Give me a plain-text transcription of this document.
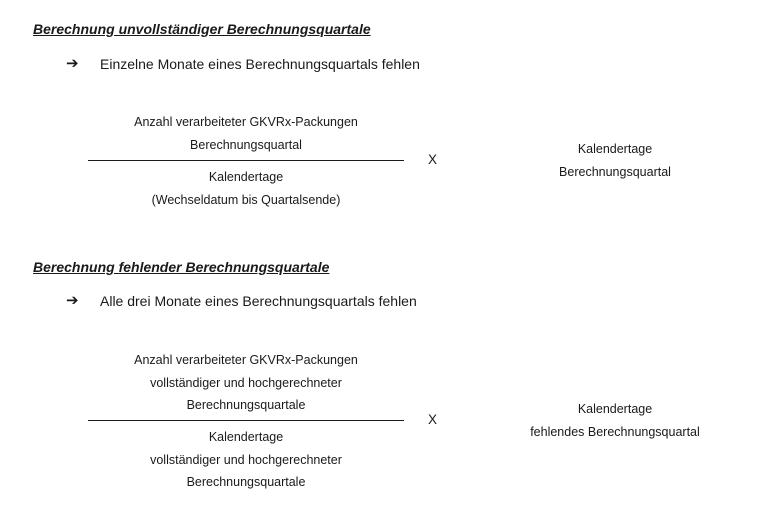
Berechnung unvollständiger Berechnungsquartale
➔ Einzelne Monate eines Berechnungsquartals fehlen
Anzahl verarbeiteter GKVRx-Packungen
Berechnungsquartal
Kalendertage
(Wechseldatum bis Quartalsende)
X
Kalendertage
Berechnungsquartal
Berechnung fehlender Berechnungsquartale
➔ Alle drei Monate eines Berechnungsquartals fehlen
Anzahl verarbeiteter GKVRx-Packungen
vollständiger und hochgerechneter
Berechnungsquartale
Kalendertage
vollständiger und hochgerechneter
Berechnungsquartale
X
Kalendertage
fehlendes Berechnungsquartal
